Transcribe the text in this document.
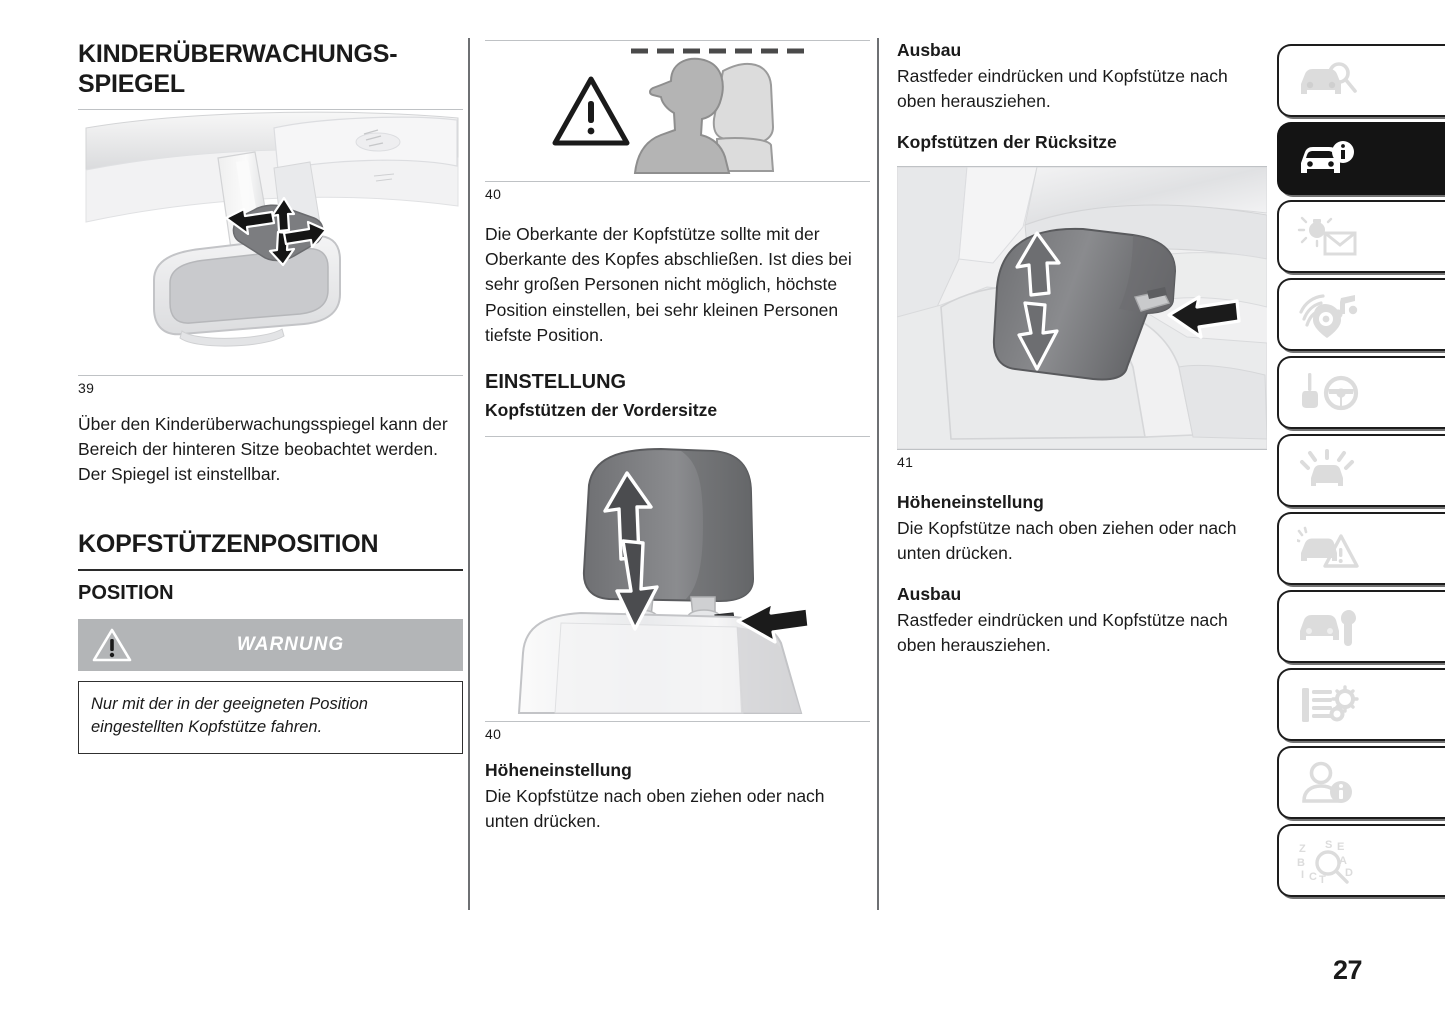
KINDERÜBERWACHUNGS-SPIEGEL
39

Über den Kinderüberwachungsspiegel kann der Bereich der hinteren Sitze beobachtet werden. Der Spiegel ist einstellbar.

KOPFSTÜTZENPOSITION
POSITION
WARNUNG

Nur mit der in der geeigneten Position eingestellten Kopfstütze fahren.

40

Die Oberkante der Kopfstütze sollte mit der Oberkante des Kopfes abschließen. Ist dies bei sehr großen Personen nicht möglich, höchste Position einstellen, bei sehr kleinen Personen tiefste Position.

EINSTELLUNG
Kopfstützen der Vordersitze
40
Höheneinstellung

Die Kopfstütze nach oben ziehen oder nach unten drücken.

Ausbau

Rastfeder eindrücken und Kopfstütze nach oben herausziehen.

Kopfstützen der Rücksitze
41
Höheneinstellung

Die Kopfstütze nach oben ziehen oder nach unten drücken.

Ausbau

Rastfeder eindrücken und Kopfstütze nach oben herausziehen.

Z
B
I C T
E
A
D
S
27
